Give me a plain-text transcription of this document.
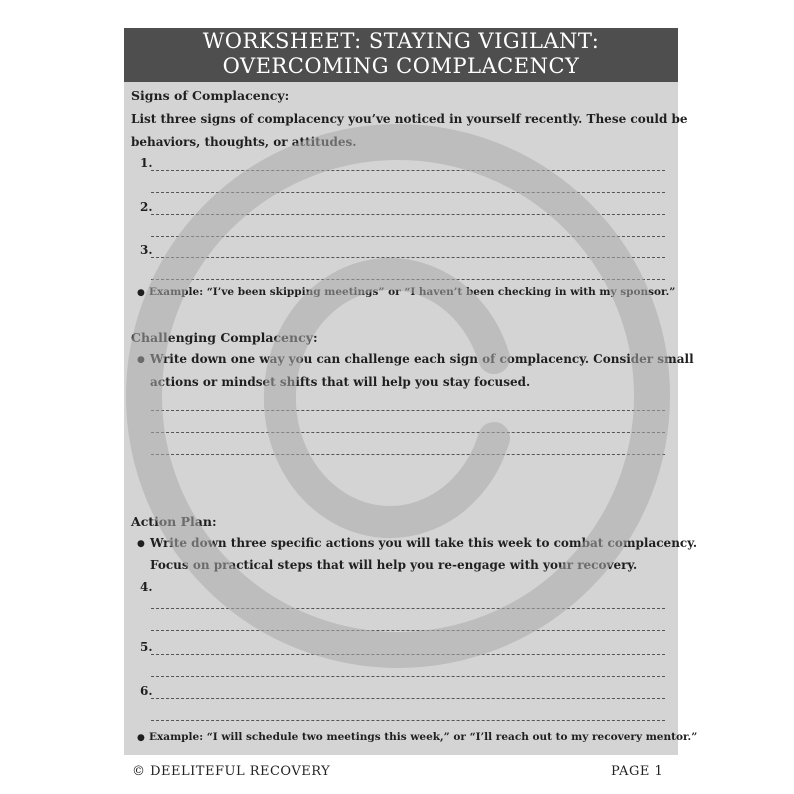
WORKSHEET: STAYING VIGILANT:
OVERCOMING COMPLACENCY
Signs of Complacency:
List three signs of complacency you’ve noticed in yourself recently. These could be
behaviors, thoughts, or attitudes.
1.
2.
3.
● Example: “I’ve been skipping meetings” or “I haven’t been checking in with my sponsor.”
Challenging Complacency:
● Write down one way you can challenge each sign of complacency. Consider small
actions or mindset shifts that will help you stay focused.
Action Plan:
● Write down three specific actions you will take this week to combat complacency.
Focus on practical steps that will help you re-engage with your recovery.
4.
5.
6.
● Example: “I will schedule two meetings this week,” or “I’ll reach out to my recovery mentor.”
© DEELITEFUL RECOVERY	PAGE 1
